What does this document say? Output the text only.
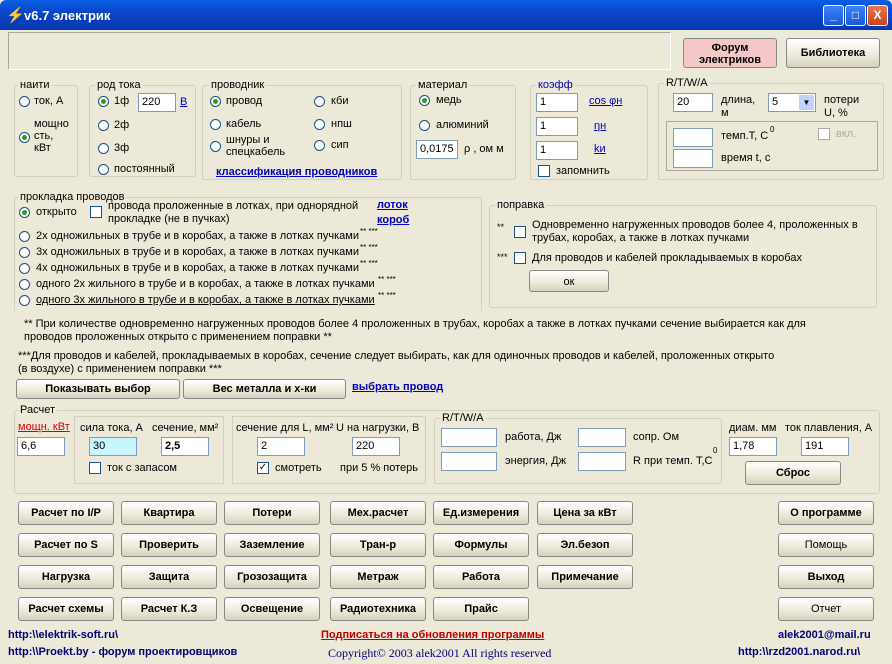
⚡ v6.7 электрик	_	□	X
Форум
электриков
Библиотека
наити
ток, А
мощно
сть,
кВт
род тока
1ф	220	В
2ф
3ф
постоянный
проводник
провод
кабель
шнуры и
спецкабель
кби
нпш
сип
классификация проводников
материал
медь
алюминий
0,0175 ρ , ом м
коэфф
1	cos φн
1	ηн
1	kи
запомнить
R/T/W/A
20	длина,
м
5	▼	потери
U, %
темп.T, С
0
время t, с
вкл.
прокладка проводов
открыто	провода проложенные в лотках, при однорядной
прокладке (не в пучках)
лоток
короб
2х одножильных в трубе и в коробах, а также в лотках пучками ** ***
3х одножильных в трубе и в коробах, а также в лотках пучками ** ***
4х одножильных в трубе и в коробах, а также в лотках пучками ** ***
одного 2х жильного в трубе и в коробах, а также в лотках пучками ** ***
одного 3х жильного в трубе и в коробах, а также в лотках пучками ** ***
поправка
**	Одновременно нагруженных проводов более 4, проложенных в
трубах, коробах, а также в лотках пучками
*** Для проводов и кабелей прокладываемых в коробах
ок
** При количестве одновременно нагруженных проводов более 4 проложенных в трубах, коробах а также в лотках пучками сечение выбирается как для
проводов проложенных открыто с применением поправки **
***Для проводов и кабелей, прокладываемых в коробах, сечение следует выбирать, как для одиночных проводов и кабелей, проложенных открыто
(в воздухе) с применением поправки ***
Показывать выбор	Вес металла и х-ки	выбрать провод
Расчет
мощн. кВт
6,6
сила тока, А
30
сечение, мм²
2,5
ток с запасом
сечение для L, мм² U на нагрузки, В
2	220
✓ смотреть при 5 % потерь
R/T/W/A
работа, Дж
энергия, Дж
сопр. Ом
R при темп. T,С
0
диам. мм
1,78
ток плавления, А
191
Сброс
Расчет по I/P	Квартира	Потери	Мех.расчет	Ед.измерения	Цена за кВт
Расчет по S	Проверить	Заземление	Тран-р	Формулы	Эл.безоп
Нагрузка	Защита	Грозозащита	Метраж	Работа	Примечание
Расчет схемы	Расчет К.З	Освещение	Радиотехника	Прайс
О программе
Помощь
Выход
Отчет
http:\\elektrik-soft.ru\
http:\\Proekt.by - форум проектировщиков
Подписаться на обновления программы
Copyright© 2003 alek2001 All rights reserved
alek2001@mail.ru
http:\\rzd2001.narod.ru\
